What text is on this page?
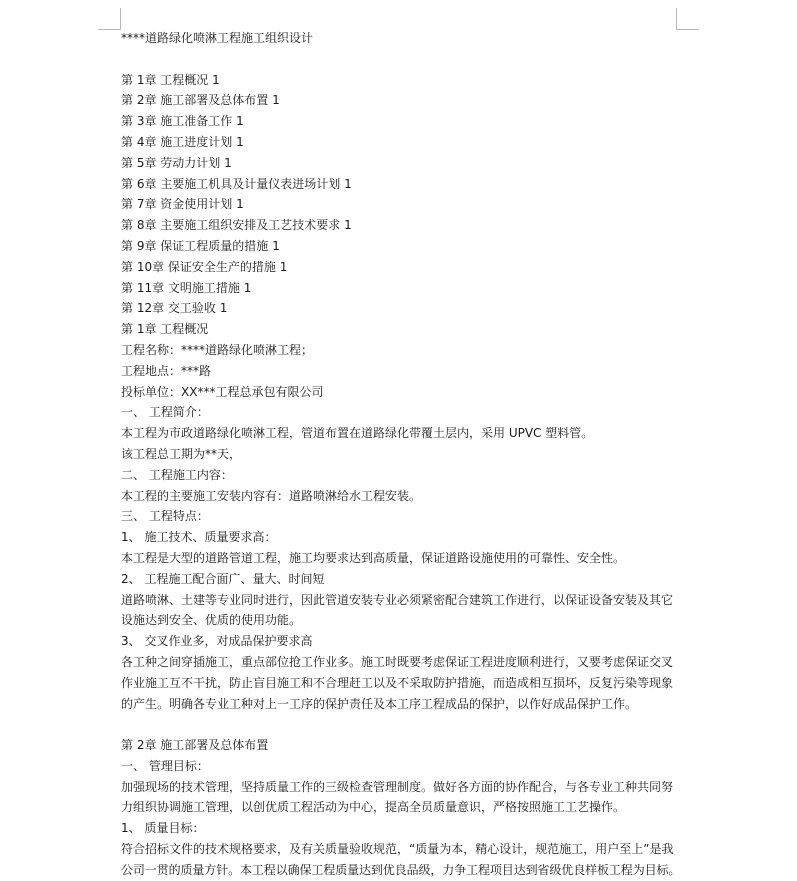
****道路绿化喷淋工程施工组织设计
第 1章 工程概况 1
第 2章 施工部署及总体布置 1
第 3章 施工准备工作 1
第 4章 施工进度计划 1
第 5章 劳动力计划 1
第 6章 主要施工机具及计量仪表进场计划 1
第 7章 资金使用计划 1
第 8章 主要施工组织安排及工艺技术要求 1
第 9章 保证工程质量的措施 1
第 10章 保证安全生产的措施 1
第 11章 文明施工措施 1
第 12章 交工验收 1
第 1章 工程概况
工程名称：****道路绿化喷淋工程；
工程地点：***路
投标单位：XX***工程总承包有限公司
一、 工程简介：
本工程为市政道路绿化喷淋工程，管道布置在道路绿化带覆土层内，采用 UPVC 塑料管。
该工程总工期为**天，
二、 工程施工内容：
本工程的主要施工安装内容有：道路喷淋给水工程安装。
三、 工程特点：
1、 施工技术、质量要求高：
本工程是大型的道路管道工程，施工均要求达到高质量，保证道路设施使用的可靠性、安全性。
2、 工程施工配合面广、量大、时间短
道路喷淋、土建等专业同时进行，因此管道安装专业必须紧密配合建筑工作进行，以保证设备安装及其它
设施达到安全、优质的使用功能。
3、 交叉作业多，对成品保护要求高
各工种之间穿插施工，重点部位抢工作业多。施工时既要考虑保证工程进度顺利进行，又要考虑保证交叉
作业施工互不干扰，防止盲目施工和不合理赶工以及不采取防护措施，而造成相互损坏，反复污染等现象
的产生。明确各专业工种对上一工序的保护责任及本工序工程成品的保护，以作好成品保护工作。
第 2章 施工部署及总体布置
一、 管理目标：
加强现场的技术管理，坚持质量工作的三级检查管理制度。做好各方面的协作配合，与各专业工种共同努
力组织协调施工管理，以创优质工程活动为中心，提高全员质量意识，严格按照施工工艺操作。
1、 质量目标：
符合招标文件的技术规格要求，及有关质量验收规范，“质量为本，精心设计，规范施工，用户至上”是我
公司一贯的质量方针。本工程以确保工程质量达到优良品级，力争工程项目达到省级优良样板工程为目标。
